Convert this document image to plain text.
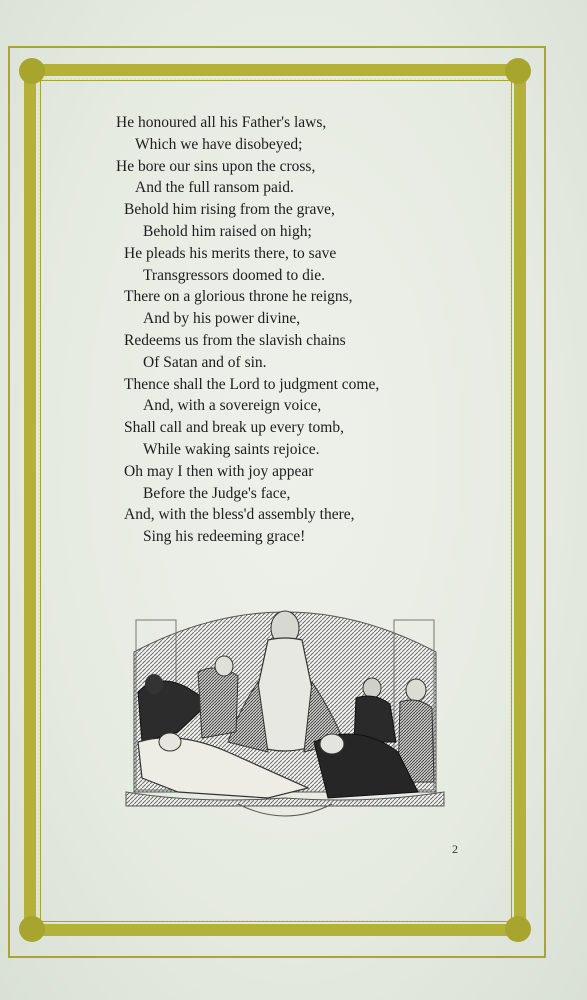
He honoured all his Father's laws,
Which we have disobeyed;
He bore our sins upon the cross,
And the full ransom paid.
Behold him rising from the grave,
Behold him raised on high;
He pleads his merits there, to save
Transgressors doomed to die.
There on a glorious throne he reigns,
And by his power divine,
Redeems us from the slavish chains
Of Satan and of sin.
Thence shall the Lord to judgment come,
And, with a sovereign voice,
Shall call and break up every tomb,
While waking saints rejoice.
Oh may I then with joy appear
Before the Judge's face,
And, with the bless'd assembly there,
Sing his redeeming grace!
2
